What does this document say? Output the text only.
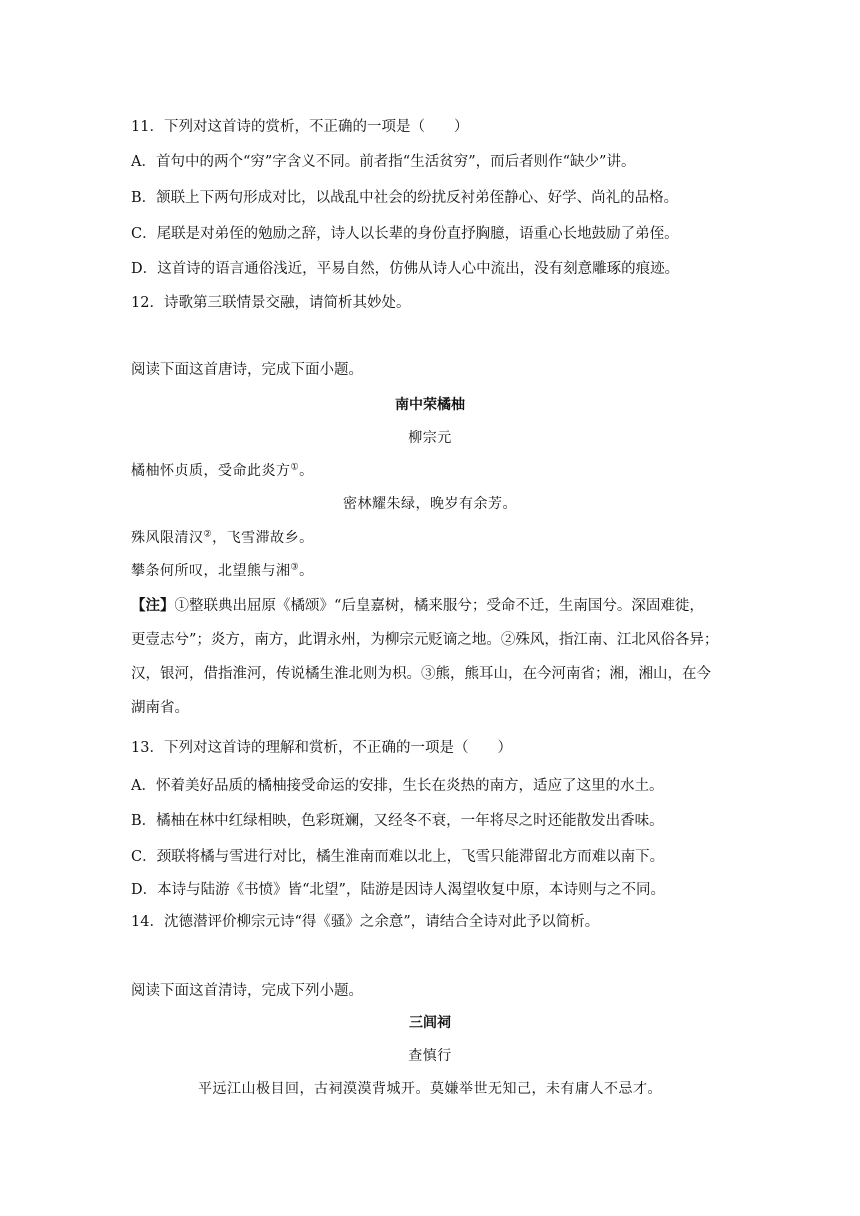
11．下列对这首诗的赏析，不正确的一项是（　　）
A．首句中的两个“穷”字含义不同。前者指“生活贫穷”，而后者则作“缺少”讲。
B．颔联上下两句形成对比，以战乱中社会的纷扰反衬弟侄静心、好学、尚礼的品格。
C．尾联是对弟侄的勉励之辞，诗人以长辈的身份直抒胸臆，语重心长地鼓励了弟侄。
D．这首诗的语言通俗浅近，平易自然，仿佛从诗人心中流出，没有刻意雕琢的痕迹。
12．诗歌第三联情景交融，请简析其妙处。
阅读下面这首唐诗，完成下面小题。
南中荣橘柚
柳宗元
橘柚怀贞质，受命此炎方①。
密林耀朱绿，晚岁有余芳。
殊风限清汉②，飞雪滞故乡。
攀条何所叹，北望熊与湘③。
【注】①整联典出屈原《橘颂》“后皇嘉树，橘来服兮；受命不迁，生南国兮。深固难徙，
更壹志兮”；炎方，南方，此谓永州，为柳宗元贬谪之地。②殊风，指江南、江北风俗各异；
汉，银河，借指淮河，传说橘生淮北则为枳。③熊，熊耳山，在今河南省；湘，湘山，在今
湖南省。
13．下列对这首诗的理解和赏析，不正确的一项是（　　）
A．怀着美好品质的橘柚接受命运的安排，生长在炎热的南方，适应了这里的水土。
B．橘柚在林中红绿相映，色彩斑斓，又经冬不衰，一年将尽之时还能散发出香味。
C．颈联将橘与雪进行对比，橘生淮南而难以北上，飞雪只能滞留北方而难以南下。
D．本诗与陆游《书愤》皆“北望”，陆游是因诗人渴望收复中原，本诗则与之不同。
14．沈德潜评价柳宗元诗“得《骚》之余意”，请结合全诗对此予以简析。
阅读下面这首清诗，完成下列小题。
三闾祠
查慎行
平远江山极目回，古祠漠漠背城开。莫嫌举世无知己，未有庸人不忌才。
